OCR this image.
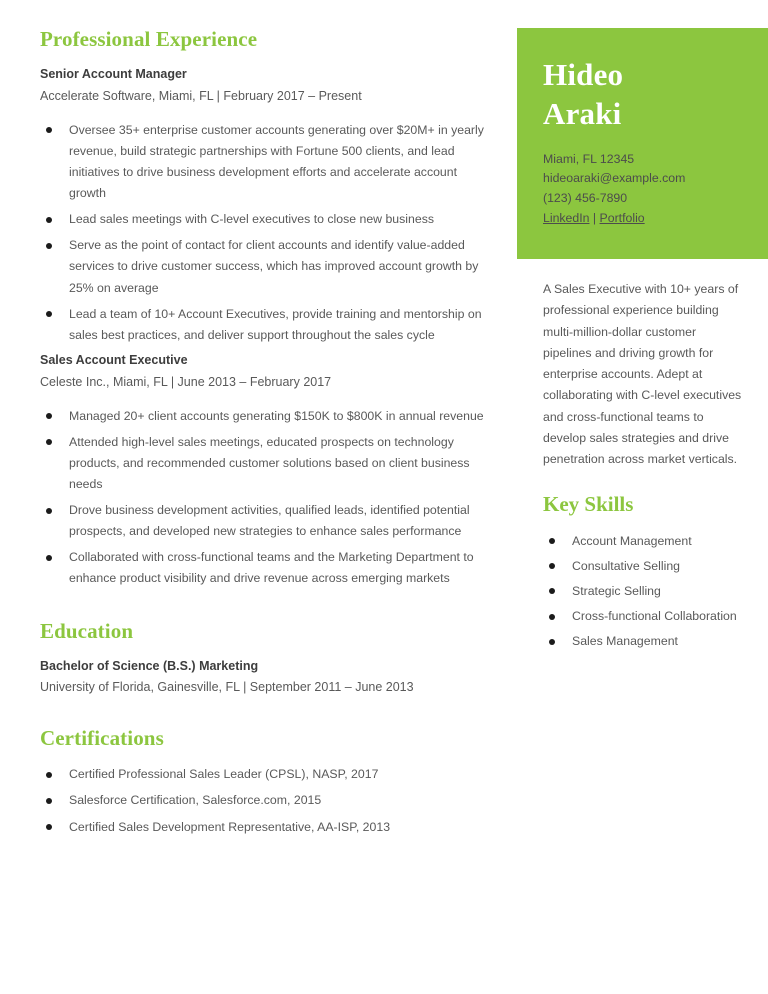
Professional Experience
Senior Account Manager
Accelerate Software, Miami, FL | February 2017 – Present
Oversee 35+ enterprise customer accounts generating over $20M+ in yearly revenue, build strategic partnerships with Fortune 500 clients, and lead initiatives to drive business development efforts and accelerate account growth
Lead sales meetings with C-level executives to close new business
Serve as the point of contact for client accounts and identify value-added services to drive customer success, which has improved account growth by 25% on average
Lead a team of 10+ Account Executives, provide training and mentorship on sales best practices, and deliver support throughout the sales cycle
Sales Account Executive
Celeste Inc., Miami, FL | June 2013 – February 2017
Managed 20+ client accounts generating $150K to $800K in annual revenue
Attended high-level sales meetings, educated prospects on technology products, and recommended customer solutions based on client business needs
Drove business development activities, qualified leads, identified potential prospects, and developed new strategies to enhance sales performance
Collaborated with cross-functional teams and the Marketing Department to enhance product visibility and drive revenue across emerging markets
Education
Bachelor of Science (B.S.) Marketing
University of Florida, Gainesville, FL | September 2011 – June 2013
Certifications
Certified Professional Sales Leader (CPSL), NASP, 2017
Salesforce Certification, Salesforce.com, 2015
Certified Sales Development Representative, AA-ISP, 2013
Hideo
Araki
Miami, FL 12345
hideoaraki@example.com
(123) 456-7890
LinkedIn | Portfolio

A Sales Executive with 10+ years of professional experience building multi-million-dollar customer pipelines and driving growth for enterprise accounts. Adept at collaborating with C-level executives and cross-functional teams to develop sales strategies and drive penetration across market verticals.

Key Skills
Account Management
Consultative Selling
Strategic Selling
Cross-functional Collaboration
Sales Management
